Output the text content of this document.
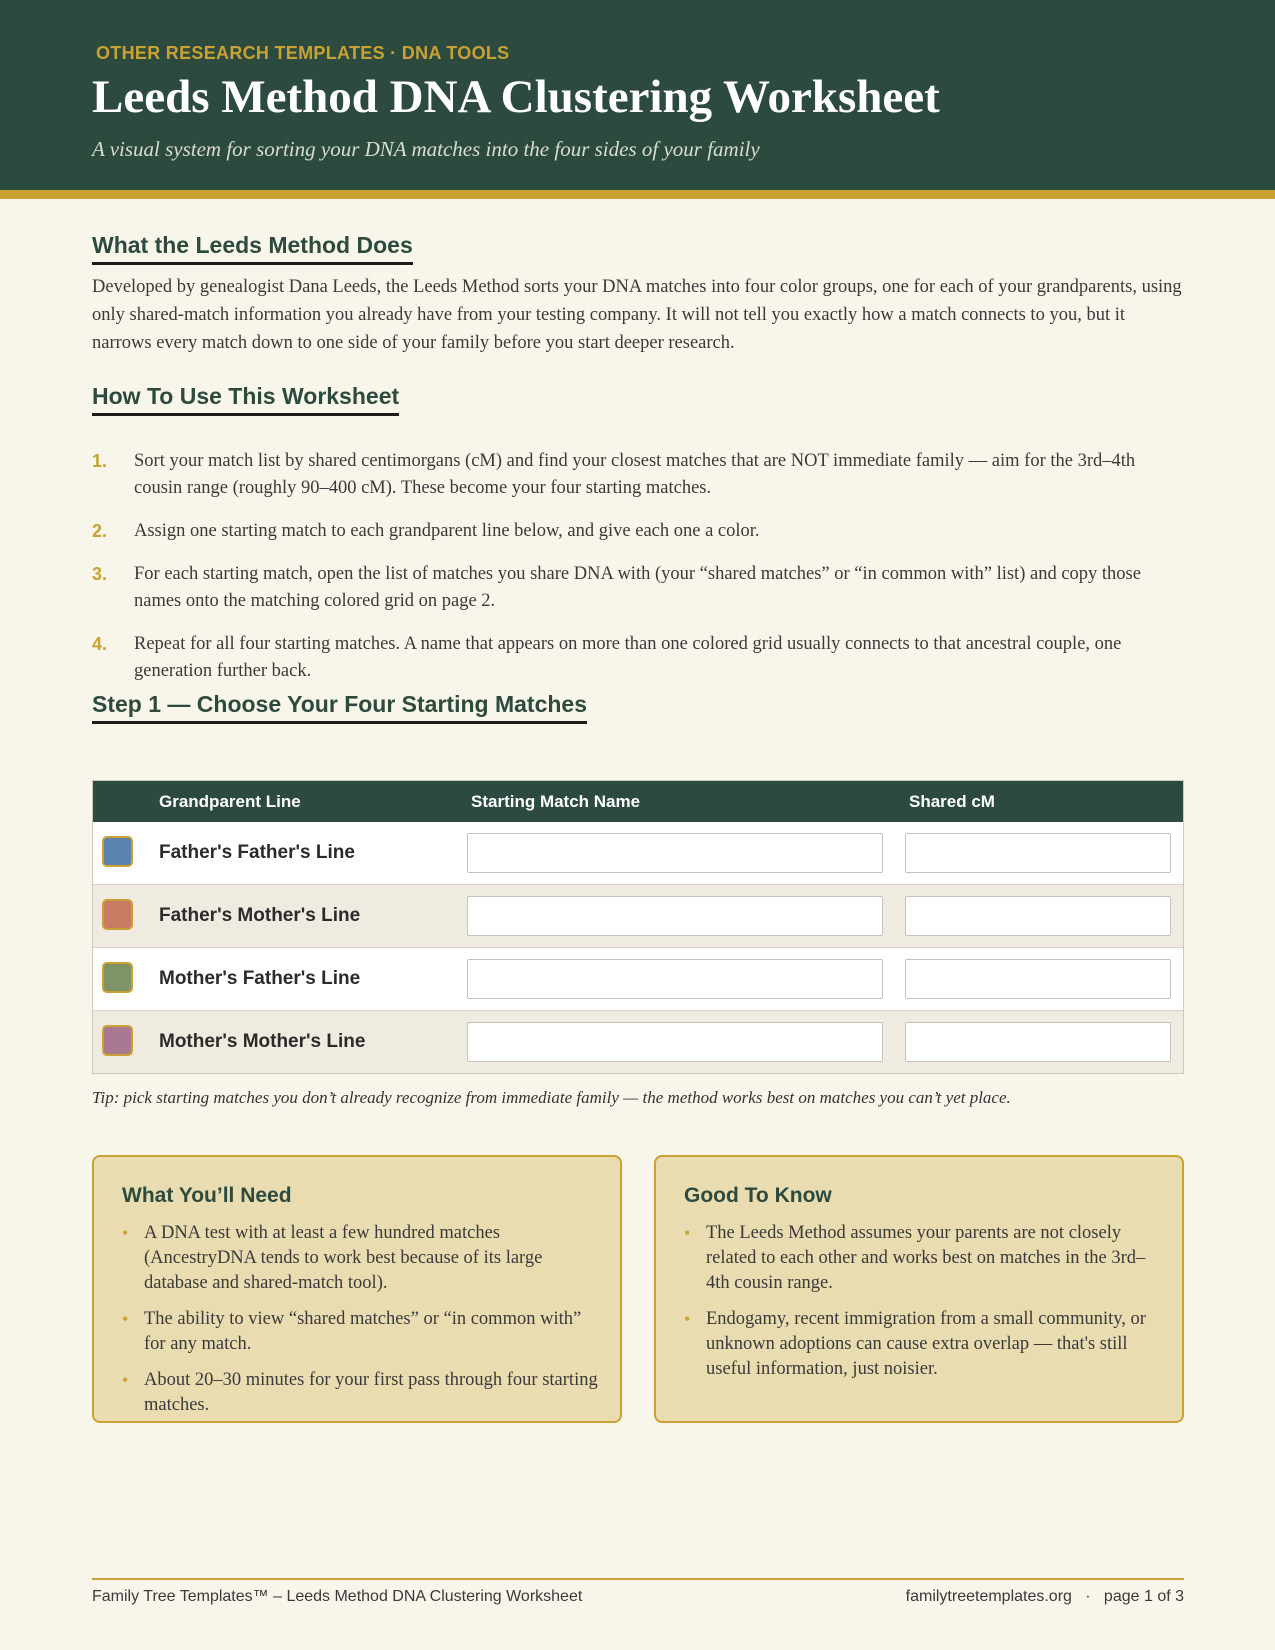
OTHER RESEARCH TEMPLATES · DNA TOOLS
Leeds Method DNA Clustering Worksheet
A visual system for sorting your DNA matches into the four sides of your family
What the Leeds Method Does

Developed by genealogist Dana Leeds, the Leeds Method sorts your DNA matches into four color groups, one for each of your grandparents, using only shared-match information you already have from your testing company. It will not tell you exactly how a match connects to you, but it narrows every match down to one side of your family before you start deeper research.

How To Use This Worksheet
1. Sort your match list by shared centimorgans (cM) and find your closest matches that are NOT immediate family — aim for the 3rd–4th cousin range (roughly 90–400 cM). These become your four starting matches.
2. Assign one starting match to each grandparent line below, and give each one a color.
3. For each starting match, open the list of matches you share DNA with (your “shared matches” or “in common with” list) and copy those names onto the matching colored grid on page 2.
4. Repeat for all four starting matches. A name that appears on more than one colored grid usually connects to that ancestral couple, one generation further back.
Step 1 — Choose Your Four Starting Matches
Grandparent Line	Starting Match Name	Shared cM
Father's Father's Line
Father's Mother's Line
Mother's Father's Line
Mother's Mother's Line
Tip: pick starting matches you don’t already recognize from immediate family — the method works best on matches you can’t yet place.
What You’ll Need
• A DNA test with at least a few hundred matches (AncestryDNA tends to work best because of its large database and shared-match tool).
• The ability to view “shared matches” or “in common with” for any match.
• About 20–30 minutes for your first pass through four starting matches.
Good To Know
• The Leeds Method assumes your parents are not closely related to each other and works best on matches in the 3rd–4th cousin range.
• Endogamy, recent immigration from a small community, or unknown adoptions can cause extra overlap — that's still useful information, just noisier.
Family Tree Templates™ – Leeds Method DNA Clustering Worksheet	familytreetemplates.org   ·   page 1 of 3
